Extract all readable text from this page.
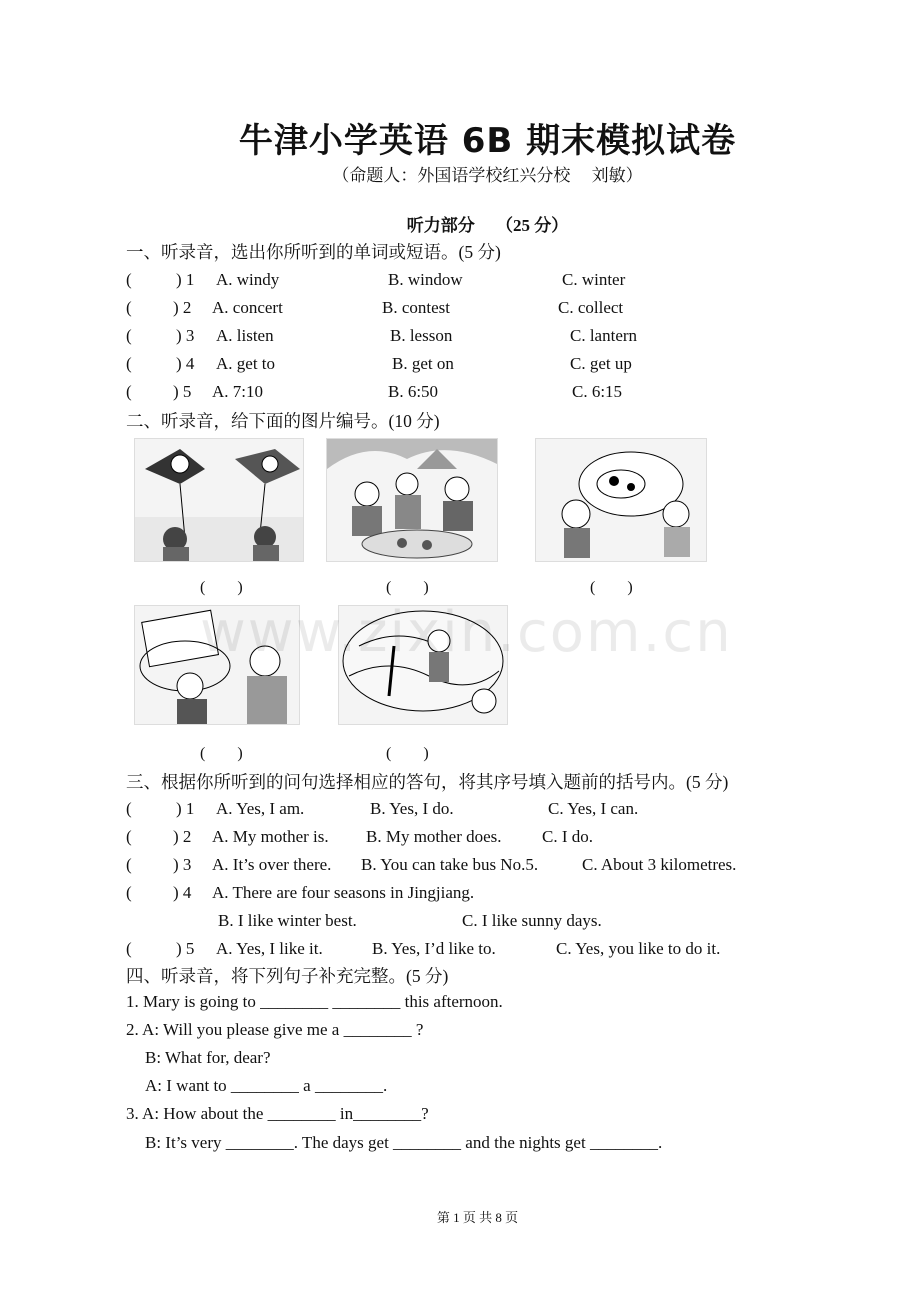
牛津小学英语 6B 期末模拟试卷
（命题人：外国语学校红兴分校　 刘敏）
听力部分　 （25 分）
一、听录音，选出你所听到的单词或短语。(5 分)
(	) 1 A. windy	B. window	C. winter
( ) 2 A. concert	B. contest	C. collect
(	) 3 A. listen	B. lesson	C. lantern
(	) 4 A. get to	B. get on	C. get up
( ) 5 A. 7:10	B. 6:50	C. 6:15
二、听录音，给下面的图片编号。(10 分)
(　　)	(　　)	(　　)
(　　)	(　　)
www.zixin.com.cn
三、根据你所听到的问句选择相应的答句，将其序号填入题前的括号内。(5 分)
(	) 1 A. Yes, I am.	B. Yes, I do.	C. Yes, I can.
( ) 2 A. My mother is. B. My mother does. C. I do.
( ) 3 A. It’s over there. B. You can take bus No.5.	C. About 3 kilometres.
( ) 4 A. There are four seasons in Jingjiang.
B. I like winter best.	C. I like sunny days.
(	) 5 A. Yes, I like it.	B. Yes, I’d like to.	C. Yes, you like to do it.
四、听录音，将下列句子补充完整。(5 分)
1. Mary is going to ________ ________ this afternoon.
2. A: Will you please give me a ________ ?
B: What for, dear?
A: I want to ________ a ________.
3. A: How about the ________ in________?
B: It’s very ________. The days get ________ and the nights get ________.
第 1 页 共 8 页
